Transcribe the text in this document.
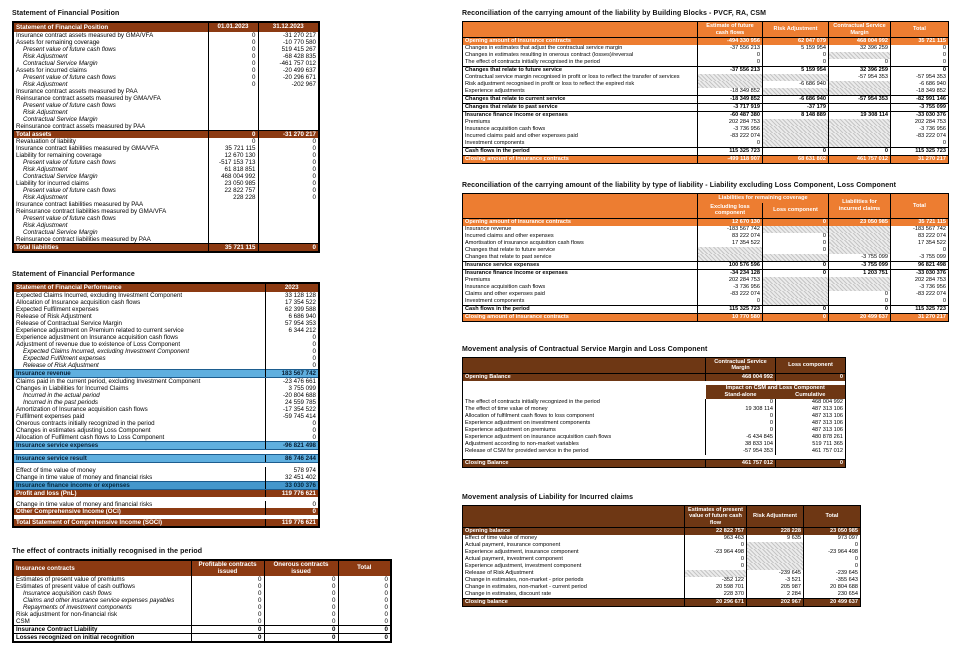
Statement of Financial Position
Statement of Financial Position	01.01.2023	31.12.2023
Insurance contract assets measured by GMA/VFA	0	-31 270 217
Assets for remaining coverage	0	-10 770 580
Present value of future cash flows	0	519 415 267
Risk Adjustment	0	-68 428 835
Contractual Service Margin	0	-461 757 012
Assets for incurred claims	0	-20 499 637
Present value of future cash flows	0	-20 296 671
Risk Adjustment	0	-202 967
Insurance contract assets measured by PAA		
Reinsurance contract assets measured by GMA/VFA		
Present value of future cash flows		
Risk Adjustment		
Contractual Service Margin		
Reinsurance contract assets measured by PAA		
Total assets	0	-31 270 217
Revaluation of liability	0	0
Insurance contract liabilities measured by GMA/VFA	35 721 115	0
Liability for remaining coverage	12 670 130	0
Present value of future cash flows	-517 153 713	0
Risk Adjustment	61 818 851	0
Contractual Service Margin	468 004 992	0
Liability for incurred claims	23 050 985	0
Present value of future cash flows	22 822 757	0
Risk Adjustment	228 228	0
Insurance contract liabilities measured by PAA		
Reinsurance contract liabilities measured by GMA/VFA		
Present value of future cash flows		
Risk Adjustment		
Contractual Service Margin		
Reinsurance contract liabilities measured by PAA		
Total liabilities	35 721 115	0
Statement of Financial Performance
Statement of Financial Performance	2023
Expected Claims Incurred, excluding Investment Component	33 128 128
Allocation of Insurance acquisition cash flows	17 354 522
Expected Fulfilment expenses	62 399 588
Release of Risk Adjustment	6 686 940
Release of Contractual Service Margin	57 954 353
Experience adjustment on Premium related to current service	6 344 212
Experience adjustment on Insurance acquisition cash flows	0
Adjustment of revenue due to existence of Loss Component	0
Expected Claims Incurred, excluding Investment Component	0
Expected Fulfilment expenses	0
Release of Risk Adjustment	0
Insurance revenue	183 567 742
Claims paid in the current period, excluding Investment Component	-23 476 661
Changes in Liabilities for Incurred Claims	3 755 099
Incurred in the actual period	-20 804 688
Incurred in the past periods	24 559 785
Amortization of Insurance acquisition cash flows	-17 354 522
Fulfilment expenses paid	-59 745 414
Onerous contracts initially recognized in the period	0
Changes in estimates adjusting Loss Component	0
Allocation of Fulfilment cash flows to Loss Component	0
Insurance service expenses	-96 821 498

Insurance service result	86 746 244

Effect of time value of money	578 974
Change in time value of money and financial risks	32 451 402
Insurance finance income or expenses	33 030 376
Profit and loss (PnL)	119 776 621

Change in time value of money and financial risks	0
Other Comprehensive Income (OCI)	0

Total Statement of Comprehensive Income (SOCI)	119 776 621
The effect of contracts initially recognised in the period
Insurance contracts	Profitable contracts issued	Onerous contracts issued	Total
Estimates of present value of premiums	0	0	0
Estimates of present value of cash outflows	0	0	0
Insurance acquisition cash flows	0	0	0
Claims and other insurance service expenses payables	0	0	0
Repayments of investment components	0	0	0
Risk adjustment for non-financial risk	0	0	0
CSM	0	0	0
Insurance Contract Liability	0	0	0
Losses recognized on initial recognition	0	0	0
Reconciliation of the carrying amount of the liability by Building Blocks - PVCF, RA, CSM
	Estimate of future cash flows	Risk Adjustment	Contractual Service Margin	Total
Opening amount of insurance contracts	-494 330 956	62 047 079	468 004 992	35 721 115
Changes in estimates that adjust the contractual service margin	-37 556 213	5 159 954	32 396 259	0
Changes in estimates resulting in onerous contract (losses)/reversal	0	0		0
The effect of contracts initially recognised in the period	0	0	0	0
Changes that relate to future service	-37 556 213	5 159 954	32 396 259	0
Contractual service margin recognised in profit or loss to reflect the transfer of services			-57 954 353	-57 954 353
Risk adjustment recognised in profit or loss to reflect the expired risk		-6 686 940		-6 686 940
Experience adjustments	-18 349 852			-18 349 852
Changes that relate to current service	-18 349 852	-6 686 940	-57 954 353	-82 991 146
Changes that relate to past service	-3 717 919	-37 179		-3 755 099
Insurance finance income or expenses	-60 487 380	8 148 889	19 308 114	-33 030 376
Premiums	202 284 753			202 284 753
Insurance acquisition cash flows	-3 736 956			-3 736 956
Incurred claims paid and other expenses paid	-83 222 074			-83 222 074
Investment components	0			0
Cash flows in the period	115 325 723	0	0	115 325 723
Closing amount of insurance contracts	-499 118 907	68 631 802	461 757 012	31 270 217
Reconciliation of the carrying amount of the liability by type of liability - Liability excluding Loss Component, Loss Component
	Liabilities for remaining coverage		Liabilities for incurred claims	Total
	Excluding loss component	Loss component		
Opening amount of insurance contracts	12 670 130	0	23 050 985	35 721 115
Insurance revenue	-183 567 742			-183 567 742
Incurred claims and other expenses	83 222 074	0		83 222 074
Amortisation of insurance acquisition cash flows	17 354 522	0		17 354 522
Changes that relate to future service		0		0
Changes that relate to past service			-3 755 099	-3 755 099
Insurance service expenses	100 576 596	0	-3 755 099	96 821 498
Insurance finance income or expenses	-34 234 128	0	1 203 751	-33 030 376
Premiums	202 284 753			202 284 753
Insurance acquisition cash flows	-3 736 956			-3 736 956
Claims and other expenses paid	-83 222 074		0	-83 222 074
Investment components	0		0	0
Cash flows in the period	115 325 723	0	0	115 325 723
Closing amount of insurance contracts	10 770 580	0	20 499 637	31 270 217
Movement analysis of Contractual Service Margin and Loss Component
	Contractual Service Margin	Loss component
Opening Balance	468 004 992	0

	Impact on CSM and Loss Component	
	Stand-alone	Cumulative
The effect of contracts initially recognized in the period	0	468 004 992
The effect of time value of money	19 308 114	487 313 106
Allocation of fulfilment cash flows to loss component	0	487 313 106
Experience adjustment on investment components	0	487 313 106
Experience adjustment on premiums	0	487 313 106
Experience adjustment on insurance acquisition cash flows	-6 434 845	480 878 261
Adjustment according to non-market variables	38 833 104	519 711 365
Release of CSM for provided service in the period	-57 954 353	461 757 012

Closing Balance	461 757 012	0
Movement analysis of Liability for Incurred claims
	Estimates of present value of future cash flow	Risk Adjustment	Total
Opening balance	22 822 757	228 228	23 050 985
Effect of time value of money	963 463	9 635	973 097
Actual payment, insurance component	0		0
Experience adjustment, insurance component	-23 964 498		-23 964 498
Actual payment, investment component	0		0
Experience adjustment, investment component	0		0
Release of Risk Adjustment		-239 645	-239 645
Change in estimates, non-market - prior periods	-352 122	-3 521	-355 643
Change in estimates, non-market - current period	20 598 701	205 987	20 804 688
Change in estimates, discount rate	228 370	2 284	230 654
Closing balance	20 296 671	202 967	20 499 637
